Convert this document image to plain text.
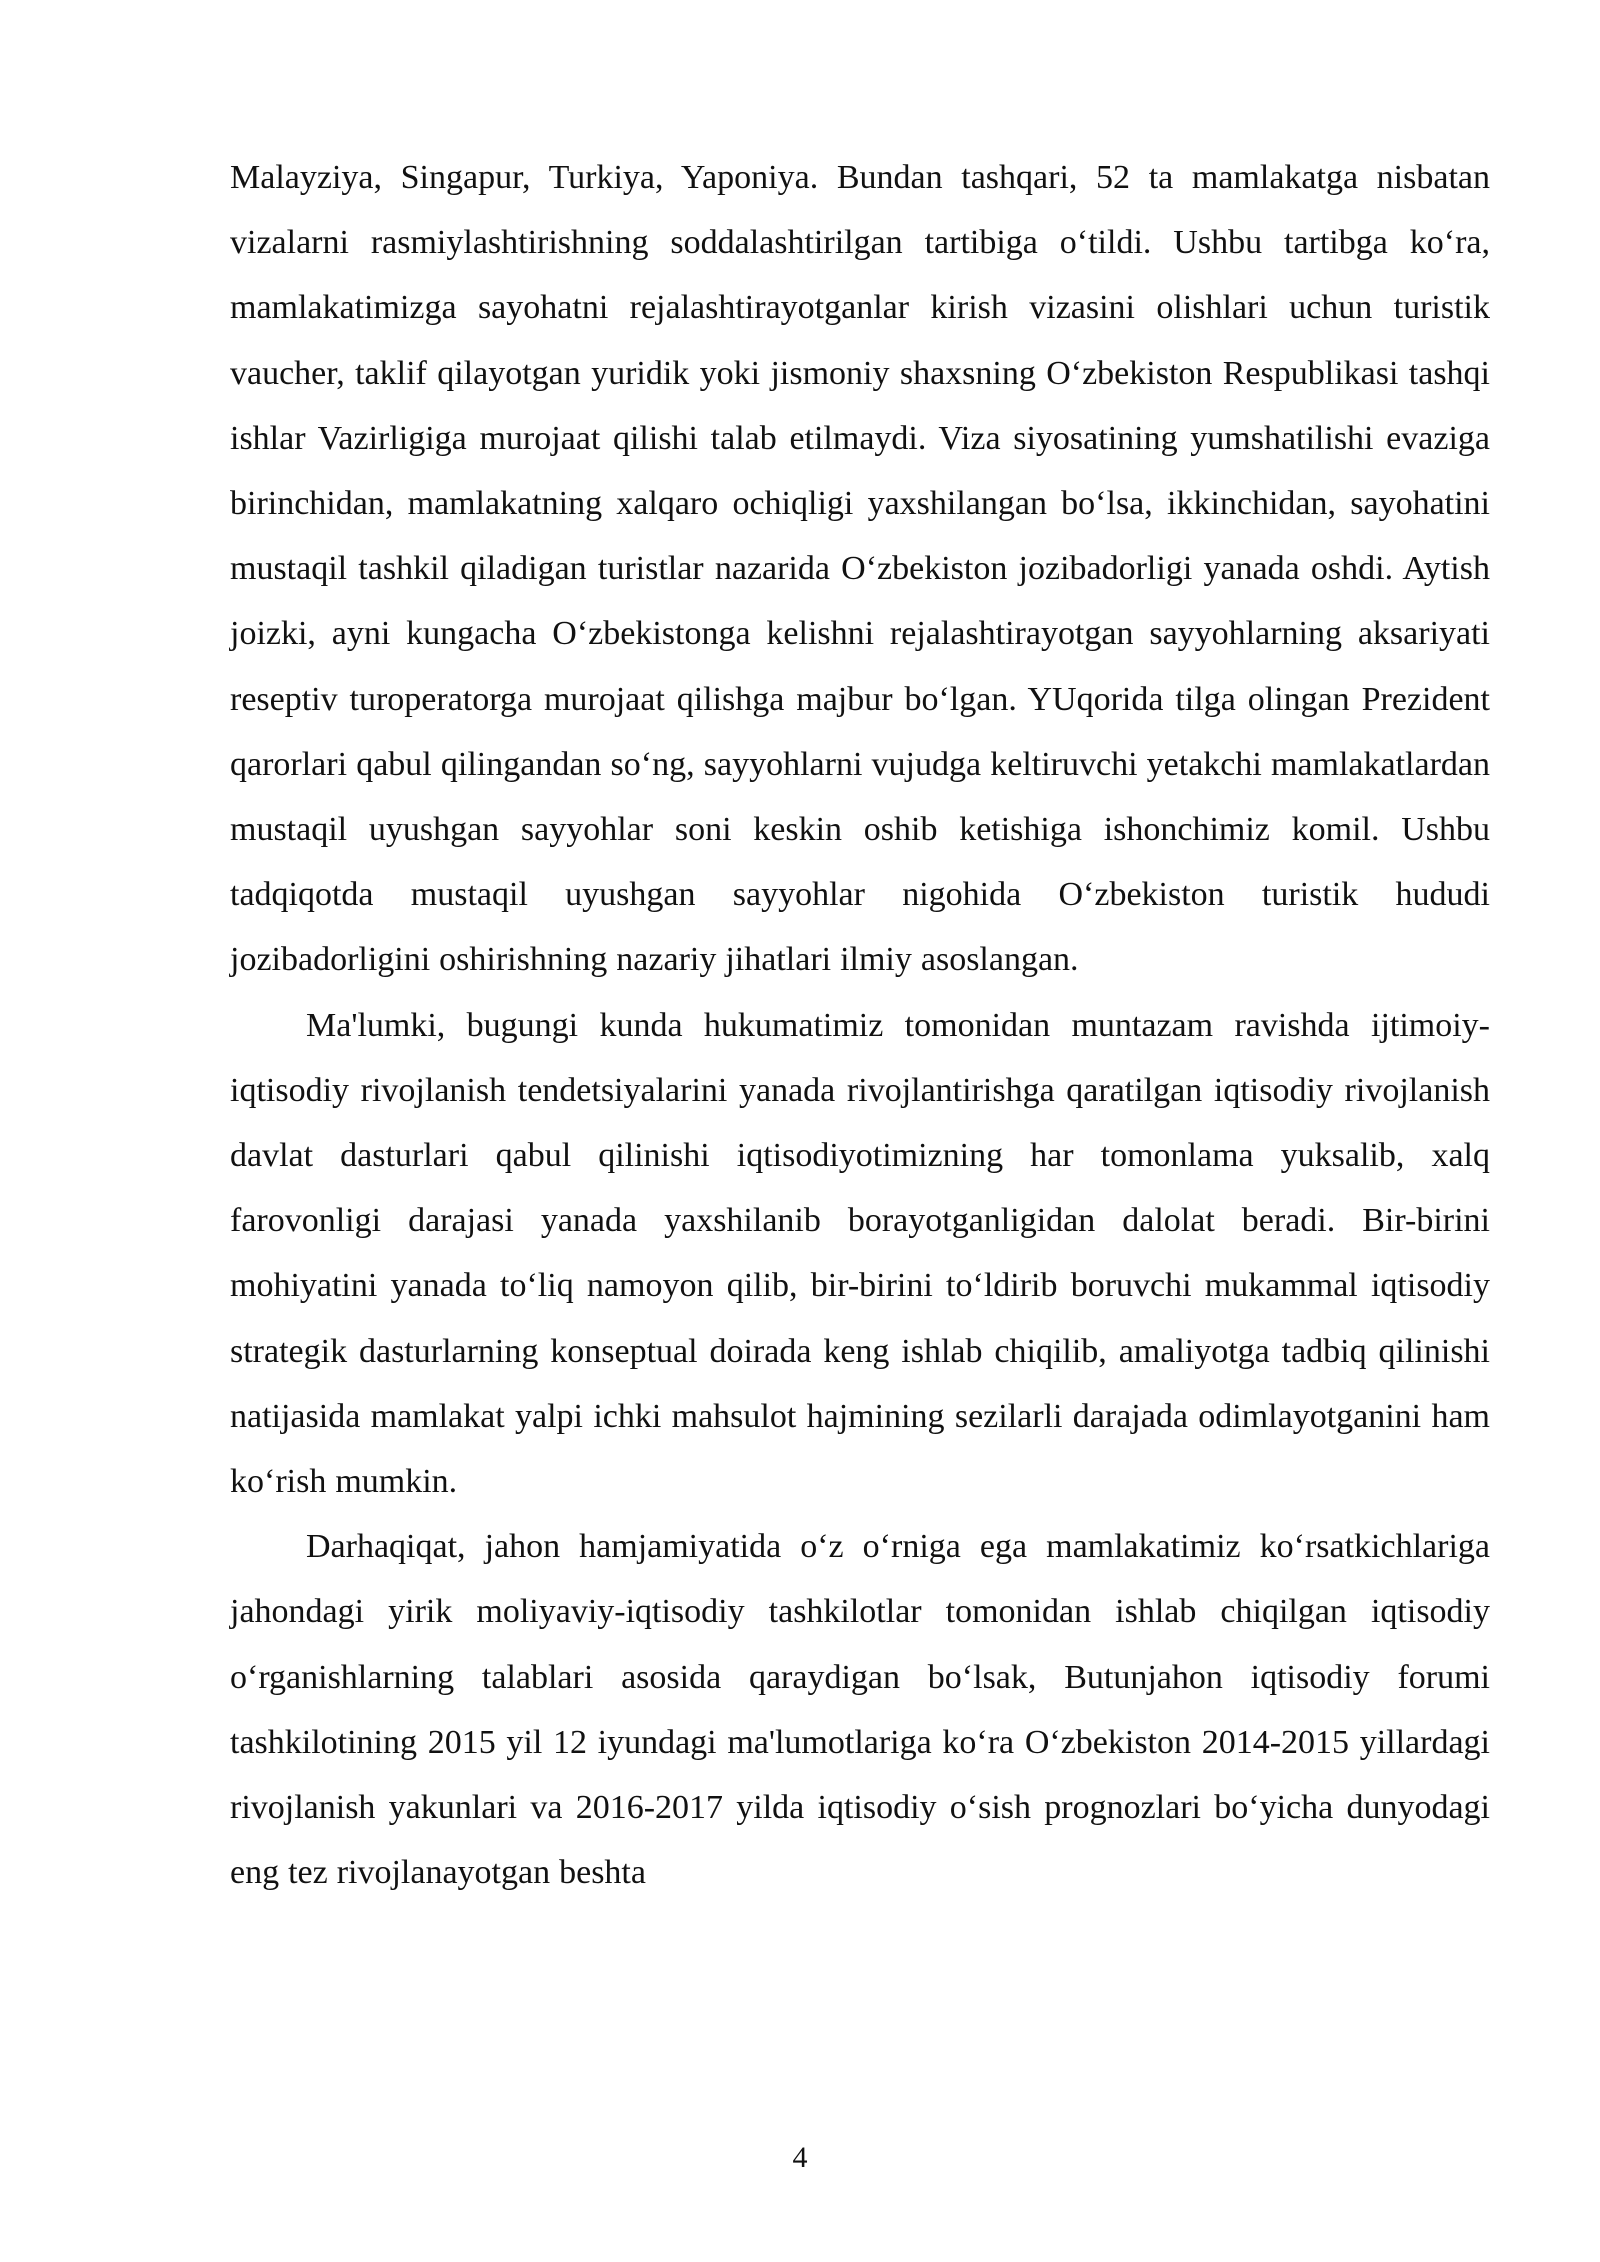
Malayziya, Singapur, Turkiya, Yaponiya. Bundan tashqari, 52 ta mamlakatga nisbatan vizalarni rasmiylashtirishning soddalashtirilgan tartibiga o‘tildi. Ushbu tartibga ko‘ra, mamlakatimizga sayohatni rejalashtirayotganlar kirish vizasini olishlari uchun turistik vaucher, taklif qilayotgan yuridik yoki jismoniy shaxsning O‘zbekiston Respublikasi tashqi ishlar Vazirligiga murojaat qilishi talab etilmaydi. Viza siyosatining yumshatilishi evaziga birinchidan, mamlakatning xalqaro ochiqligi yaxshilangan bo‘lsa, ikkinchidan, sayohatini mustaqil tashkil qiladigan turistlar nazarida O‘zbekiston jozibadorligi yanada oshdi. Aytish joizki, ayni kungacha O‘zbekistonga kelishni rejalashtirayotgan sayyohlarning aksariyati reseptiv turoperatorga murojaat qilishga majbur bo‘lgan. YUqorida tilga olingan Prezident qarorlari qabul qilingandan so‘ng, sayyohlarni vujudga keltiruvchi yetakchi mamlakatlardan mustaqil uyushgan sayyohlar soni keskin oshib ketishiga ishonchimiz komil. Ushbu tadqiqotda mustaqil uyushgan sayyohlar nigohida O‘zbekiston turistik hududi jozibadorligini oshirishning nazariy jihatlari ilmiy asoslangan.

Ma'lumki, bugungi kunda hukumatimiz tomonidan muntazam ravishda ijtimoiy-iqtisodiy rivojlanish tendetsiyalarini yanada rivojlantirishga qaratilgan iqtisodiy rivojlanish davlat dasturlari qabul qilinishi iqtisodiyotimizning har tomonlama yuksalib, xalq farovonligi darajasi yanada yaxshilanib borayotganligidan dalolat beradi. Bir-birini mohiyatini yanada to‘liq namoyon qilib, bir-birini to‘ldirib boruvchi mukammal iqtisodiy strategik dasturlarning konseptual doirada keng ishlab chiqilib, amaliyotga tadbiq qilinishi natijasida mamlakat yalpi ichki mahsulot hajmining sezilarli darajada odimlayotganini ham ko‘rish mumkin.

Darhaqiqat, jahon hamjamiyatida o‘z o‘rniga ega mamlakatimiz ko‘rsatkichlariga jahondagi yirik moliyaviy-iqtisodiy tashkilotlar tomonidan ishlab chiqilgan iqtisodiy o‘rganishlarning talablari asosida qaraydigan bo‘lsak, Butunjahon iqtisodiy forumi tashkilotining 2015 yil 12 iyundagi ma'lumotlariga ko‘ra O‘zbekiston 2014-2015 yillardagi rivojlanish yakunlari va 2016-2017 yilda iqtisodiy o‘sish prognozlari bo‘yicha dunyodagi eng tez rivojlanayotgan beshta

4
